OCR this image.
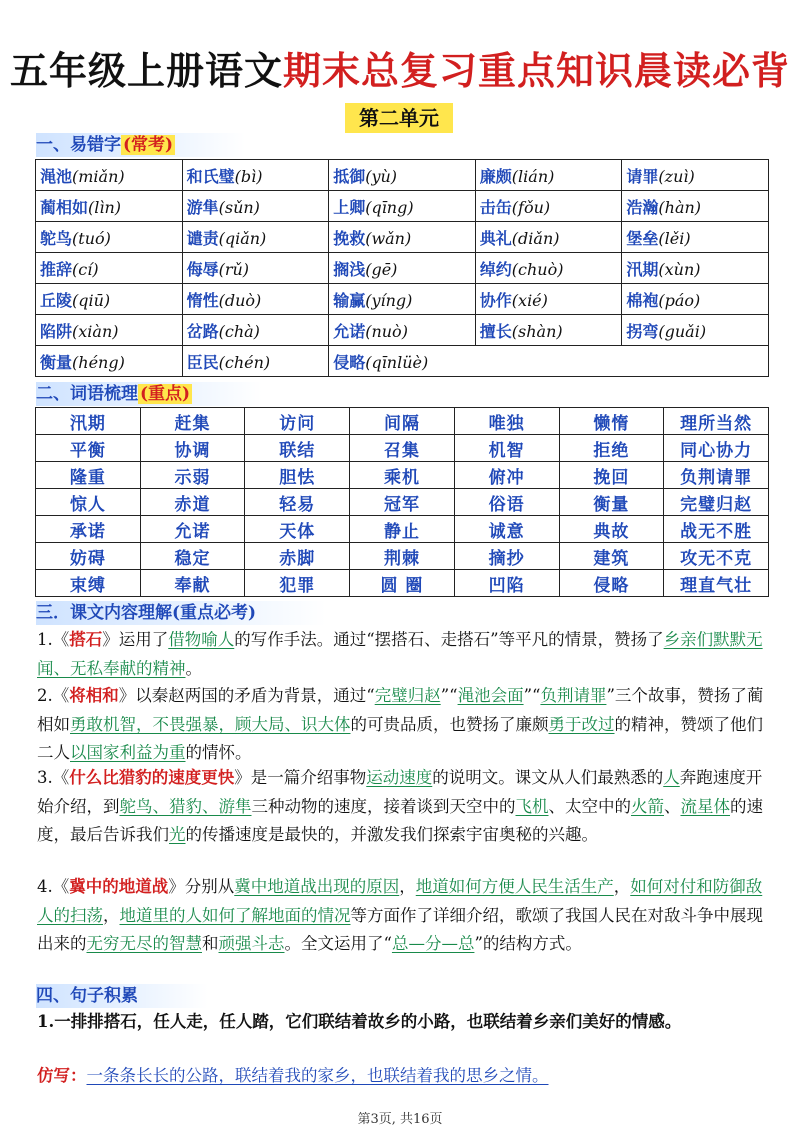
五年级上册语文期末总复习重点知识晨读必背
第二单元
一、易错字 (常考)
渑池(miǎn)	和氏璧(bì)	抵御(yù)	廉颇(lián)	请罪(zuì)
蔺相如(lìn)	游隼(sǔn)	上卿(qīng)	击缶(fǒu)	浩瀚(hàn)
鸵鸟(tuó)	谴责(qiǎn)	挽救(wǎn)	典礼(diǎn)	堡垒(lěi)
推辞(cí)	侮辱(rǔ)	搁浅(gē)	绰约(chuò)	汛期(xùn)
丘陵(qiū)	惰性(duò)	输赢(yíng)	协作(xié)	棉袍(páo)
陷阱(xiàn)	岔路(chà)	允诺(nuò)	擅长(shàn)	拐弯(guǎi)
衡量(héng)	臣民(chén)	侵略(qīnlüè)		
二、词语梳理 (重点)
汛期	赶集	访问	间隔	唯独	懒惰	理所当然
平衡	协调	联结	召集	机智	拒绝	同心协力
隆重	示弱	胆怯	乘机	俯冲	挽回	负荆请罪
惊人	赤道	轻易	冠军	俗语	衡量	完璧归赵
承诺	允诺	天体	静止	诚意	典故	战无不胜
妨碍	稳定	赤脚	荆棘	摘抄	建筑	攻无不克
束缚	奉献	犯罪	圆 圈	凹陷	侵略	理直气壮
三．课文内容理解(重点必考)
1.《搭石》运用了借物喻人的写作手法。通过“摆搭石、走搭石”等平凡的情景，赞扬了乡亲们默默无闻、无私奉献的精神。
2.《将相和》以秦赵两国的矛盾为背景，通过“完璧归赵”“渑池会面”“负荆请罪”三个故事，赞扬了蔺相如勇敢机智，不畏强暴，顾大局、识大体的可贵品质，也赞扬了廉颇勇于改过的精神，赞颂了他们二人以国家利益为重的情怀。
3.《什么比猎豹的速度更快》是一篇介绍事物运动速度的说明文。课文从人们最熟悉的人奔跑速度开始介绍，到鸵鸟、猎豹、游隼三种动物的速度，接着谈到天空中的飞机、太空中的火箭、流星体的速度，最后告诉我们光的传播速度是最快的，并激发我们探索宇宙奥秘的兴趣。
4.《冀中的地道战》分别从冀中地道战出现的原因，地道如何方便人民生活生产，如何对付和防御敌人的扫荡，地道里的人如何了解地面的情况等方面作了详细介绍，歌颂了我国人民在对敌斗争中展现出来的无穷无尽的智慧和顽强斗志。全文运用了“总—分—总”的结构方式。
四、句子积累
1.一排排搭石，任人走，任人踏，它们联结着故乡的小路，也联结着乡亲们美好的情感。
仿写：一条条长长的公路，联结着我的家乡，也联结着我的思乡之情。
第3页, 共16页
